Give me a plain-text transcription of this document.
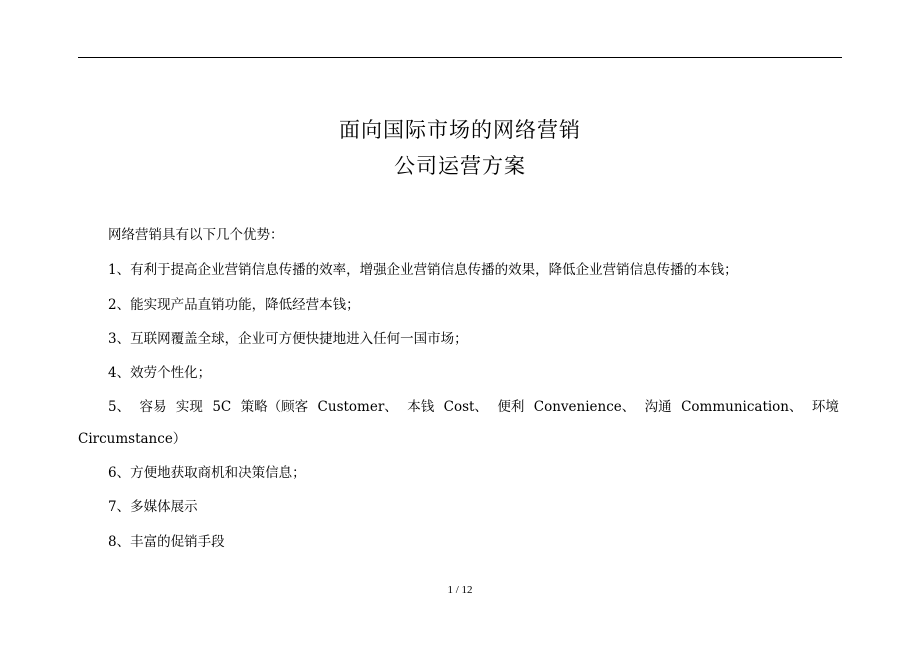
面向国际市场的网络营销
公司运营方案
网络营销具有以下几个优势：
1、有利于提高企业营销信息传播的效率，增强企业营销信息传播的效果，降低企业营销信息传播的本钱；
2、能实现产品直销功能，降低经营本钱；
3、互联网覆盖全球，企业可方便快捷地进入任何一国市场；
4、效劳个性化；
5、 容易 实现 5C 策略（顾客 Customer、 本钱 Cost、 便利 Convenience、 沟通 Communication、 环境
Circumstance）
6、方便地获取商机和决策信息；
7、多媒体展示
8、丰富的促销手段
1 / 12
